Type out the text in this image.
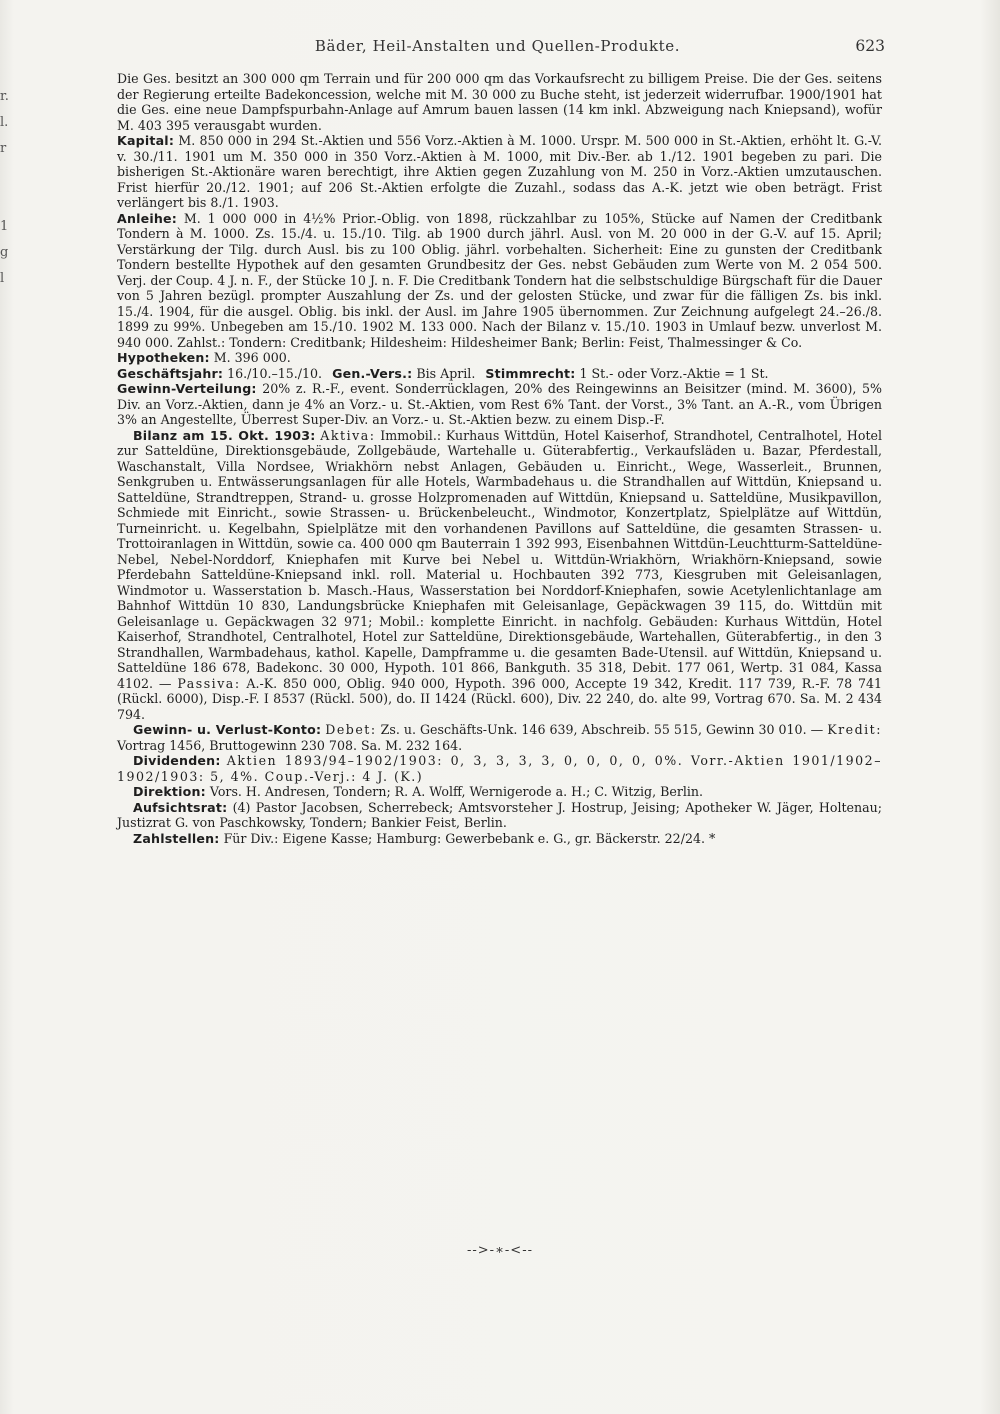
r.
l.
r
1
g
l
Bäder, Heil-Anstalten und Quellen-Produkte.	623

Die Ges. besitzt an 300 000 qm Terrain und für 200 000 qm das Vorkaufsrecht zu billigem Preise. Die der Ges. seitens der Regierung erteilte Badekoncession, welche mit M. 30 000 zu Buche steht, ist jederzeit widerrufbar. 1900/1901 hat die Ges. eine neue Dampfspurbahn-Anlage auf Amrum bauen lassen (14 km inkl. Abzweigung nach Kniepsand), wofür M. 403 395 verausgabt wurden.

Kapital: M. 850 000 in 294 St.-Aktien und 556 Vorz.-Aktien à M. 1000. Urspr. M. 500 000 in St.-Aktien, erhöht lt. G.-V. v. 30./11. 1901 um M. 350 000 in 350 Vorz.-Aktien à M. 1000, mit Div.-Ber. ab 1./12. 1901 begeben zu pari. Die bisherigen St.-Aktionäre waren berechtigt, ihre Aktien gegen Zuzahlung von M. 250 in Vorz.-Aktien umzutauschen. Frist hierfür 20./12. 1901; auf 206 St.-Aktien erfolgte die Zuzahl., sodass das A.-K. jetzt wie oben beträgt. Frist verlängert bis 8./1. 1903.

Anleihe: M. 1 000 000 in 4½% Prior.-Oblig. von 1898, rückzahlbar zu 105%, Stücke auf Namen der Creditbank Tondern à M. 1000. Zs. 15./4. u. 15./10. Tilg. ab 1900 durch jährl. Ausl. von M. 20 000 in der G.-V. auf 15. April; Verstärkung der Tilg. durch Ausl. bis zu 100 Oblig. jährl. vorbehalten. Sicherheit: Eine zu gunsten der Creditbank Tondern bestellte Hypothek auf den gesamten Grundbesitz der Ges. nebst Gebäuden zum Werte von M. 2 054 500. Verj. der Coup. 4 J. n. F., der Stücke 10 J. n. F. Die Creditbank Tondern hat die selbstschuldige Bürgschaft für die Dauer von 5 Jahren bezügl. prompter Auszahlung der Zs. und der gelosten Stücke, und zwar für die fälligen Zs. bis inkl. 15./4. 1904, für die ausgel. Oblig. bis inkl. der Ausl. im Jahre 1905 übernommen. Zur Zeichnung aufgelegt 24.–26./8. 1899 zu 99%. Unbegeben am 15./10. 1902 M. 133 000. Nach der Bilanz v. 15./10. 1903 in Umlauf bezw. unverlost M. 940 000. Zahlst.: Tondern: Creditbank; Hildesheim: Hildesheimer Bank; Berlin: Feist, Thalmessinger & Co.

Hypotheken: M. 396 000.

Geschäftsjahr: 16./10.–15./10. Gen.-Vers.: Bis April. Stimmrecht: 1 St.- oder Vorz.-Aktie = 1 St.

Gewinn-Verteilung: 20% z. R.-F., event. Sonderrücklagen, 20% des Reingewinns an Beisitzer (mind. M. 3600), 5% Div. an Vorz.-Aktien, dann je 4% an Vorz.- u. St.-Aktien, vom Rest 6% Tant. der Vorst., 3% Tant. an A.-R., vom Übrigen 3% an Angestellte, Überrest Super-Div. an Vorz.- u. St.-Aktien bezw. zu einem Disp.-F.

Bilanz am 15. Okt. 1903: Aktiva: Immobil.: Kurhaus Wittdün, Hotel Kaiserhof, Strandhotel, Centralhotel, Hotel zur Satteldüne, Direktionsgebäude, Zollgebäude, Wartehalle u. Güterabfertig., Verkaufsläden u. Bazar, Pferdestall, Waschanstalt, Villa Nordsee, Wriakhörn nebst Anlagen, Gebäuden u. Einricht., Wege, Wasserleit., Brunnen, Senkgruben u. Entwässerungsanlagen für alle Hotels, Warmbadehaus u. die Strandhallen auf Wittdün, Kniepsand u. Satteldüne, Strandtreppen, Strand- u. grosse Holzpromenaden auf Wittdün, Kniepsand u. Satteldüne, Musikpavillon, Schmiede mit Einricht., sowie Strassen- u. Brückenbeleucht., Windmotor, Konzertplatz, Spielplätze auf Wittdün, Turneinricht. u. Kegelbahn, Spielplätze mit den vorhandenen Pavillons auf Satteldüne, die gesamten Strassen- u. Trottoiranlagen in Wittdün, sowie ca. 400 000 qm Bauterrain 1 392 993, Eisenbahnen Wittdün-Leuchtturm-Satteldüne-Nebel, Nebel-Norddorf, Kniephafen mit Kurve bei Nebel u. Wittdün-Wriakhörn, Wriakhörn-Kniepsand, sowie Pferdebahn Satteldüne-Kniepsand inkl. roll. Material u. Hochbauten 392 773, Kiesgruben mit Geleisanlagen, Windmotor u. Wasserstation b. Masch.-Haus, Wasserstation bei Norddorf-Kniephafen, sowie Acetylenlichtanlage am Bahnhof Wittdün 10 830, Landungsbrücke Kniephafen mit Geleisanlage, Gepäckwagen 39 115, do. Wittdün mit Geleisanlage u. Gepäckwagen 32 971; Mobil.: komplette Einricht. in nachfolg. Gebäuden: Kurhaus Wittdün, Hotel Kaiserhof, Strandhotel, Centralhotel, Hotel zur Satteldüne, Direktionsgebäude, Wartehallen, Güterabfertig., in den 3 Strandhallen, Warmbadehaus, kathol. Kapelle, Dampframme u. die gesamten Bade-Utensil. auf Wittdün, Kniepsand u. Satteldüne 186 678, Badekonc. 30 000, Hypoth. 101 866, Bankguth. 35 318, Debit. 177 061, Wertp. 31 084, Kassa 4102. — Passiva: A.-K. 850 000, Oblig. 940 000, Hypoth. 396 000, Accepte 19 342, Kredit. 117 739, R.-F. 78 741 (Rückl. 6000), Disp.-F. I 8537 (Rückl. 500), do. II 1424 (Rückl. 600), Div. 22 240, do. alte 99, Vortrag 670. Sa. M. 2 434 794.

Gewinn- u. Verlust-Konto: Debet: Zs. u. Geschäfts-Unk. 146 639, Abschreib. 55 515, Gewinn 30 010. — Kredit: Vortrag 1456, Bruttogewinn 230 708. Sa. M. 232 164.

Dividenden: Aktien 1893/94–1902/1903: 0, 3, 3, 3, 3, 0, 0, 0, 0, 0%. Vorr.-Aktien 1901/1902–1902/1903: 5, 4%. Coup.-Verj.: 4 J. (K.)

Direktion: Vors. H. Andresen, Tondern; R. A. Wolff, Wernigerode a. H.; C. Witzig, Berlin.

Aufsichtsrat: (4) Pastor Jacobsen, Scherrebeck; Amtsvorsteher J. Hostrup, Jeising; Apotheker W. Jäger, Holtenau; Justizrat G. von Paschkowsky, Tondern; Bankier Feist, Berlin.

Zahlstellen: Für Div.: Eigene Kasse; Hamburg: Gewerbebank e. G., gr. Bäckerstr. 22/24. *

-->-∗-<--
